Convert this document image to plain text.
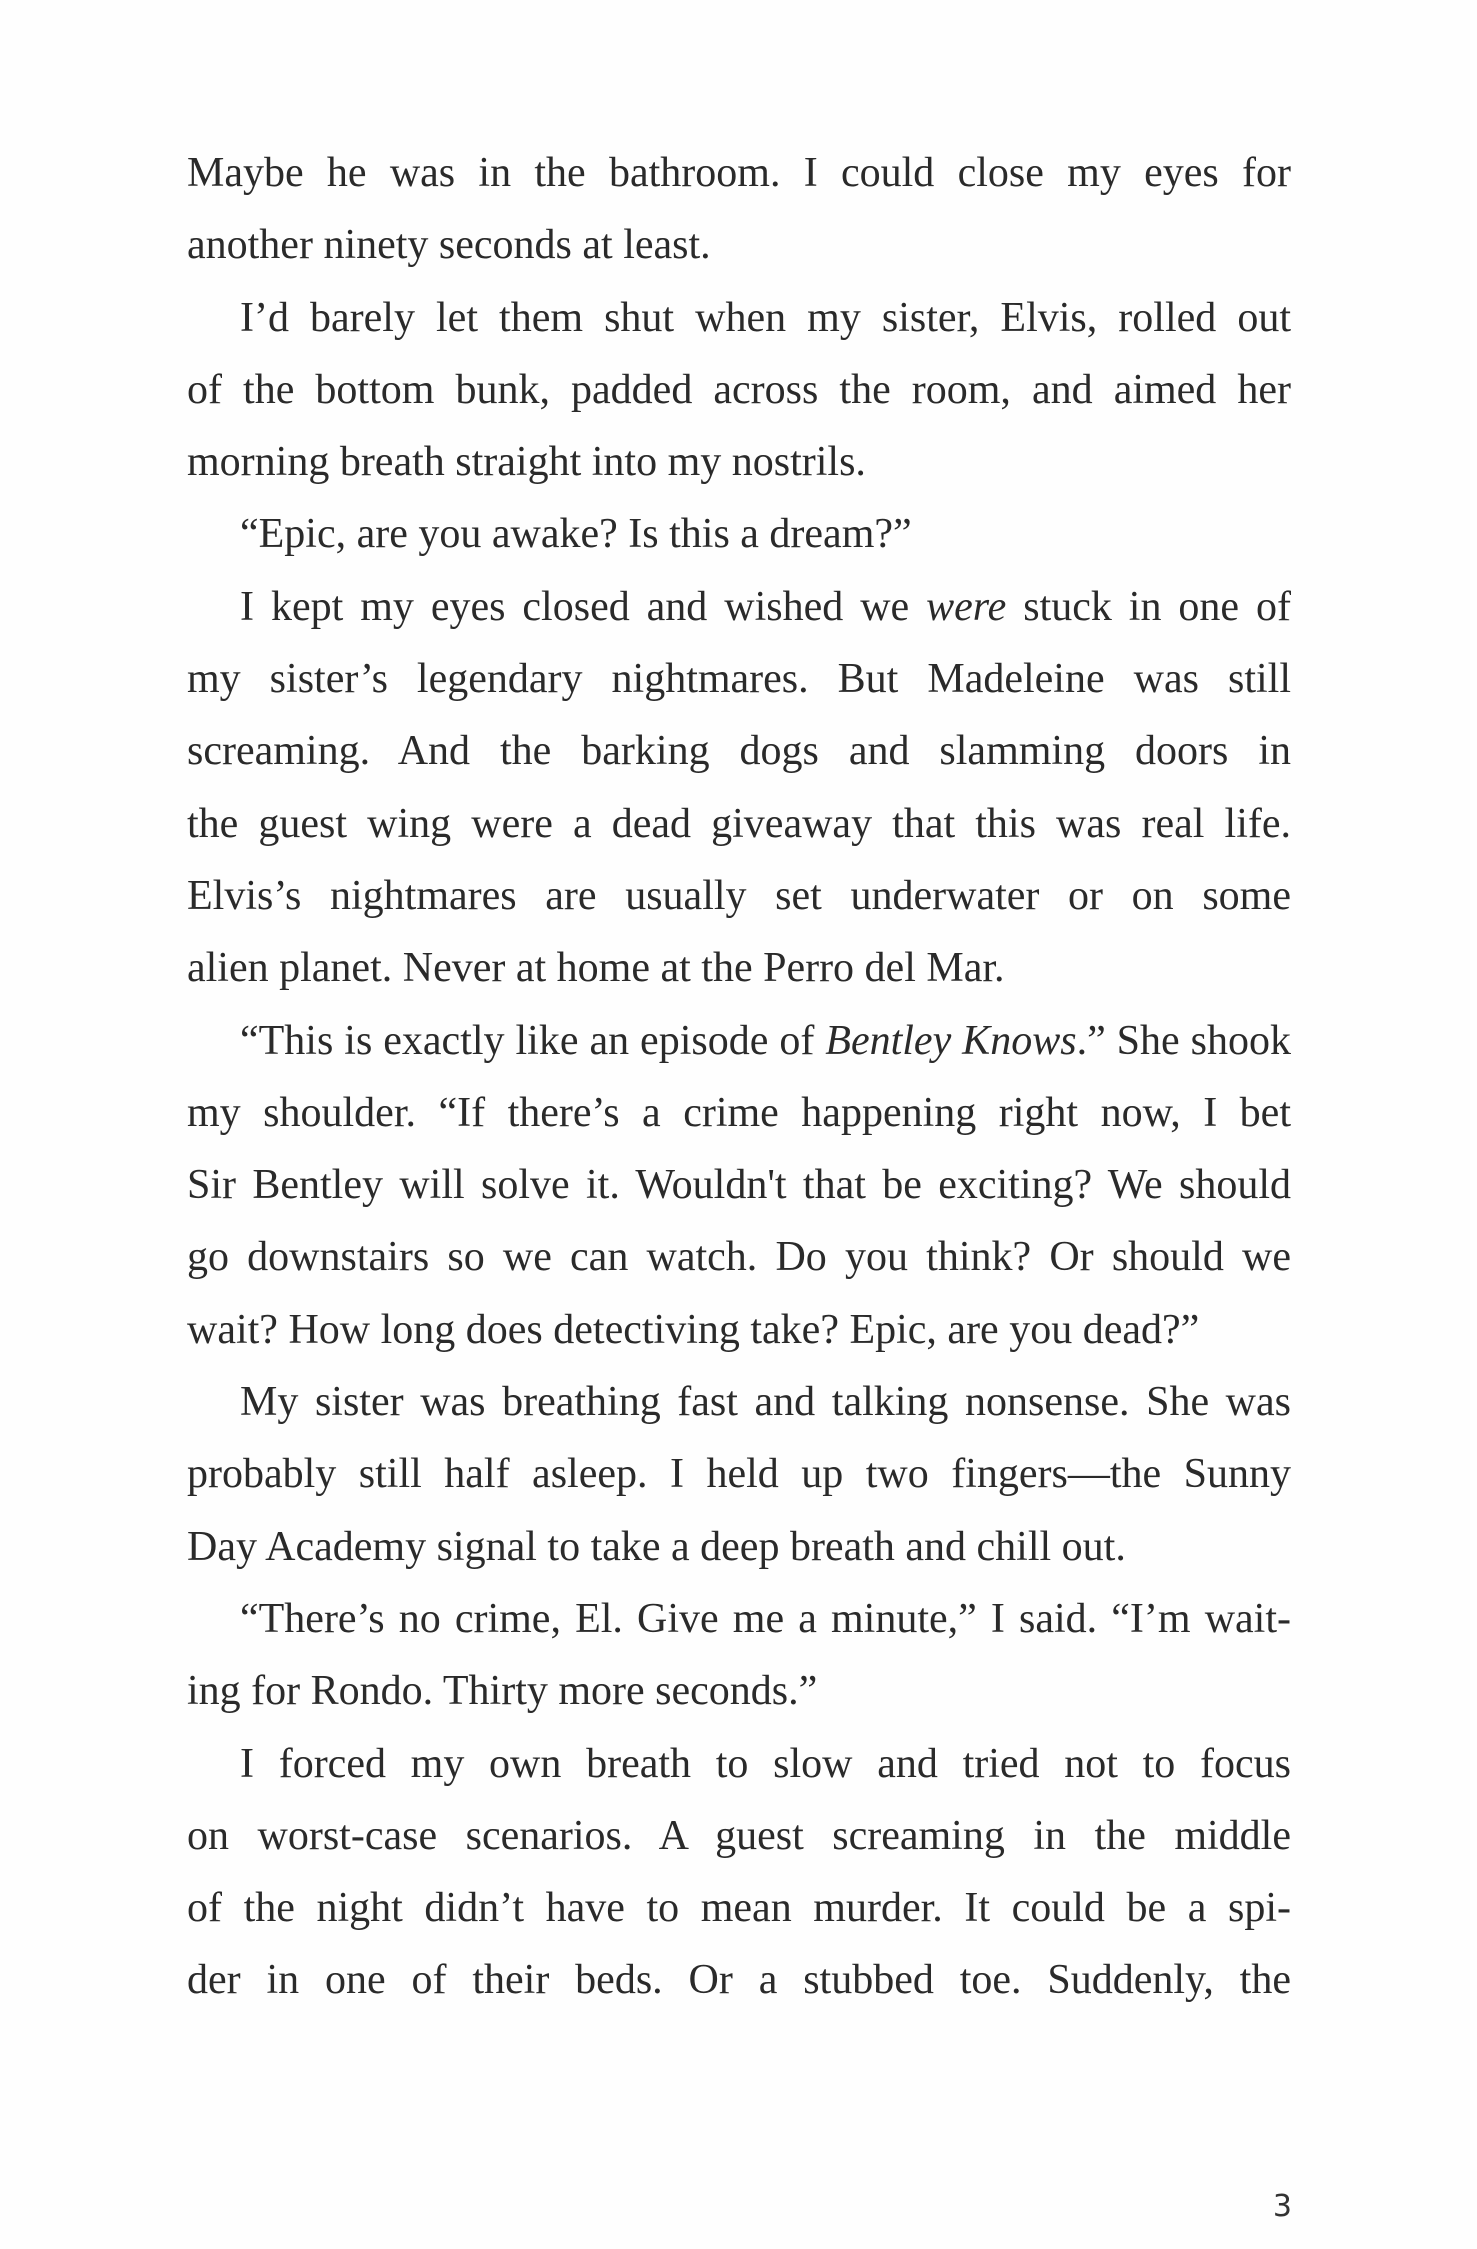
Maybe he was in the bathroom. I could close my eyes for
another ninety seconds at least.
I’d barely let them shut when my sister, Elvis, rolled out
of the bottom bunk, padded across the room, and aimed her
morning breath straight into my nostrils.
“Epic, are you awake? Is this a dream?”
I kept my eyes closed and wished we were stuck in one of
my sister’s legendary nightmares. But Madeleine was still
screaming. And the barking dogs and slamming doors in
the guest wing were a dead giveaway that this was real life.
Elvis’s nightmares are usually set underwater or on some
alien planet. Never at home at the Perro del Mar.
“This is exactly like an episode of Bentley Knows.” She shook
my shoulder. “If there’s a crime happening right now, I bet
Sir Bentley will solve it. Wouldn't that be exciting? We should
go downstairs so we can watch. Do you think? Or should we
wait? How long does detectiving take? Epic, are you dead?”
My sister was breathing fast and talking nonsense. She was
probably still half asleep. I held up two fingers—the Sunny
Day Academy signal to take a deep breath and chill out.
“There’s no crime, El. Give me a minute,” I said. “I’m wait-
ing for Rondo. Thirty more seconds.”
I forced my own breath to slow and tried not to focus
on worst-case scenarios. A guest screaming in the middle
of the night didn’t have to mean murder. It could be a spi-
der in one of their beds. Or a stubbed toe. Suddenly, the
3
